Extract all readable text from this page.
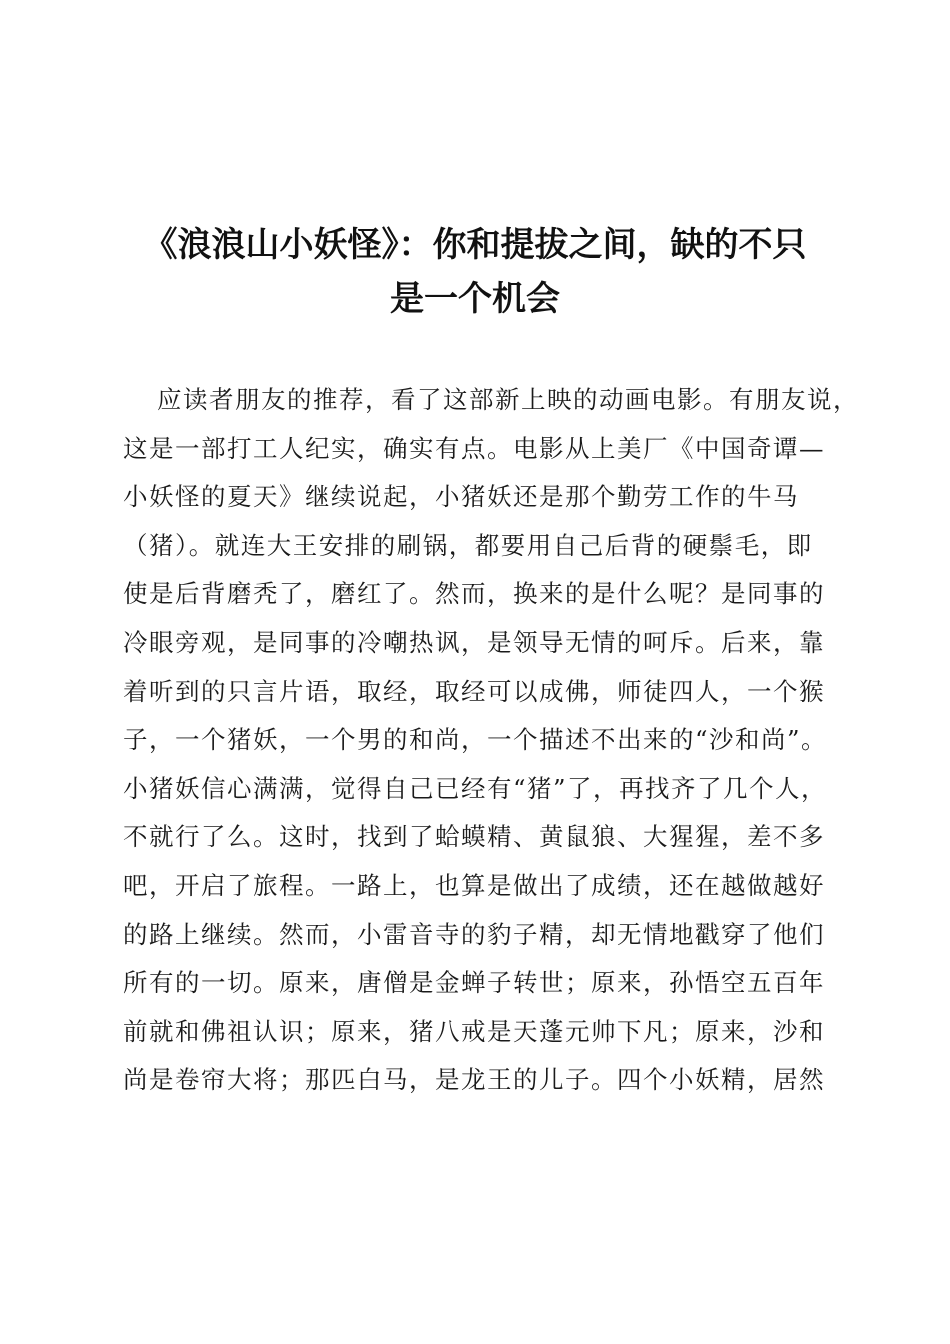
《浪浪山小妖怪》：你和提拔之间，缺的不只
是一个机会
应读者朋友的推荐，看了这部新上映的动画电影。有朋友说，
这是一部打工人纪实，确实有点。电影从上美厂《中国奇谭—
小妖怪的夏天》继续说起，小猪妖还是那个勤劳工作的牛马
（猪）。就连大王安排的刷锅，都要用自己后背的硬鬃毛，即
使是后背磨秃了，磨红了。然而，换来的是什么呢？是同事的
冷眼旁观，是同事的冷嘲热讽，是领导无情的呵斥。后来，靠
着听到的只言片语，取经，取经可以成佛，师徒四人，一个猴
子，一个猪妖，一个男的和尚，一个描述不出来的“沙和尚”。
小猪妖信心满满，觉得自己已经有“猪”了，再找齐了几个人，
不就行了么。这时，找到了蛤蟆精、黄鼠狼、大猩猩，差不多
吧，开启了旅程。一路上，也算是做出了成绩，还在越做越好
的路上继续。然而，小雷音寺的豹子精，却无情地戳穿了他们
所有的一切。原来，唐僧是金蝉子转世；原来，孙悟空五百年
前就和佛祖认识；原来，猪八戒是天蓬元帅下凡；原来，沙和
尚是卷帘大将；那匹白马，是龙王的儿子。四个小妖精，居然
